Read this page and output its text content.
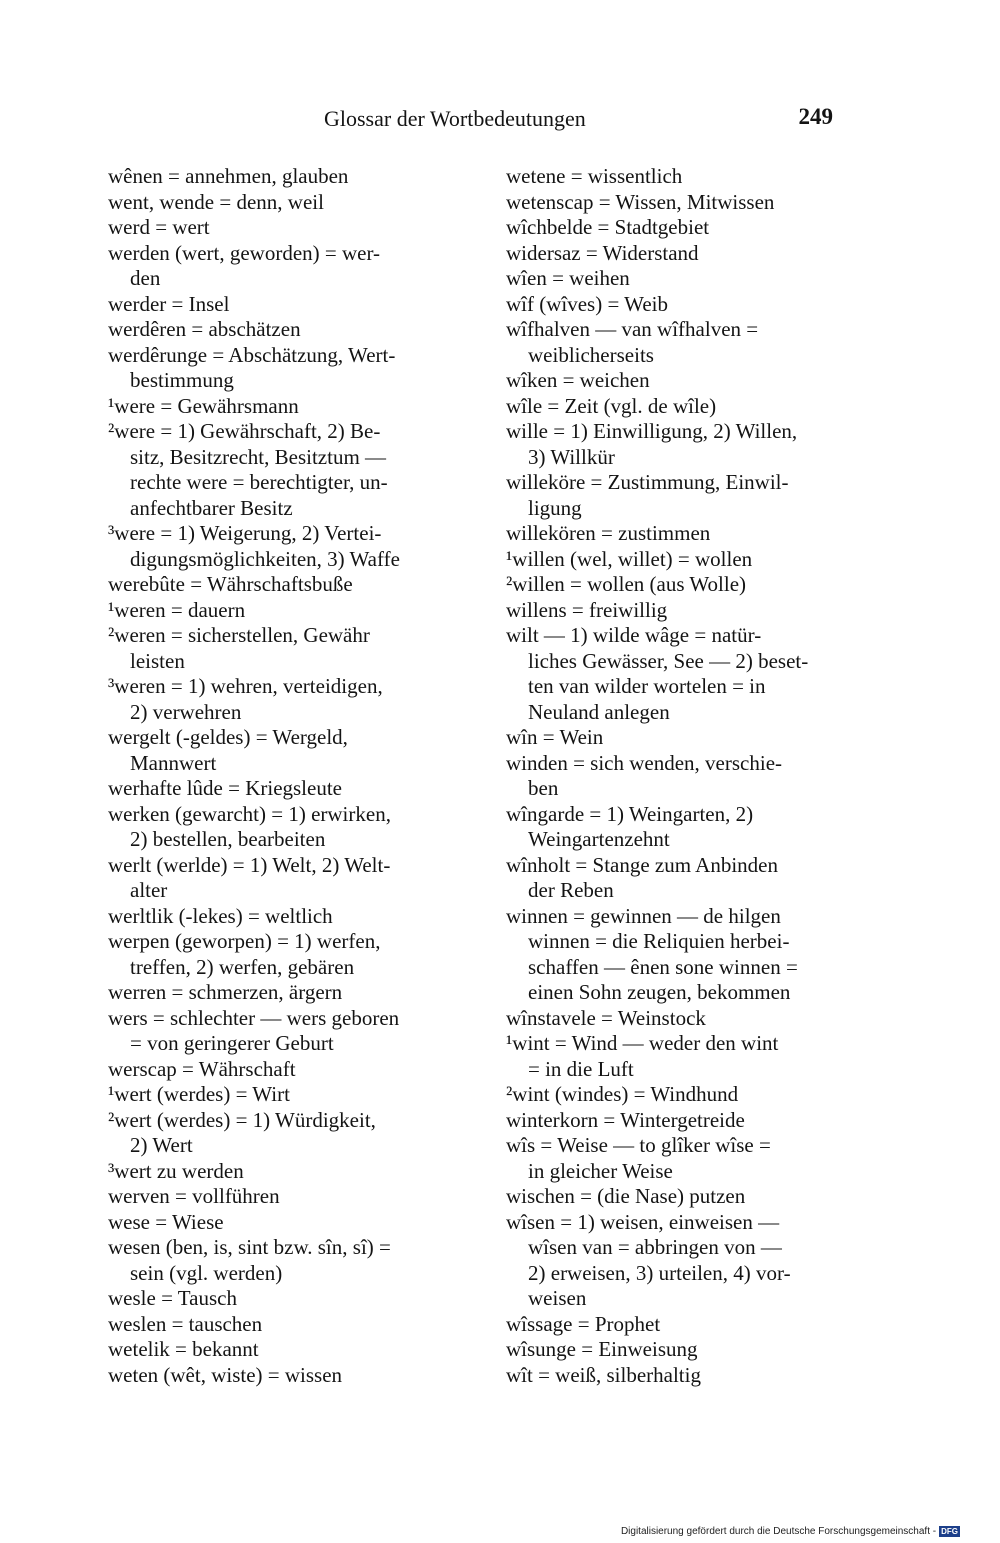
Glossar der Wortbedeutungen	249
wênen = annehmen, glauben
went, wende = denn, weil
werd = wert
werden (wert, geworden) = wer-
den
werder = Insel
werdêren = abschätzen
werdêrunge = Abschätzung, Wert-
bestimmung
¹were = Gewährsmann
²were = 1) Gewährschaft, 2) Be-
sitz, Besitzrecht, Besitztum —
rechte were = berechtigter, un-
anfechtbarer Besitz
³were = 1) Weigerung, 2) Vertei-
digungsmöglichkeiten, 3) Waffe
werebûte = Währschaftsbuße
¹weren = dauern
²weren = sicherstellen, Gewähr
leisten
³weren = 1) wehren, verteidigen,
2) verwehren
wergelt (-geldes) = Wergeld,
Mannwert
werhafte lûde = Kriegsleute
werken (gewarcht) = 1) erwirken,
2) bestellen, bearbeiten
werlt (werlde) = 1) Welt, 2) Welt-
alter
werltlik (-lekes) = weltlich
werpen (geworpen) = 1) werfen,
treffen, 2) werfen, gebären
werren = schmerzen, ärgern
wers = schlechter — wers geboren
= von geringerer Geburt
werscap = Währschaft
¹wert (werdes) = Wirt
²wert (werdes) = 1) Würdigkeit,
2) Wert
³wert zu werden
werven = vollführen
wese = Wiese
wesen (ben, is, sint bzw. sîn, sî) =
sein (vgl. werden)
wesle = Tausch
weslen = tauschen
wetelik = bekannt
weten (wêt, wiste) = wissen
wetene = wissentlich
wetenscap = Wissen, Mitwissen
wîchbelde = Stadtgebiet
widersaz = Widerstand
wîen = weihen
wîf (wîves) = Weib
wîfhalven — van wîfhalven =
weiblicherseits
wîken = weichen
wîle = Zeit (vgl. de wîle)
wille = 1) Einwilligung, 2) Willen,
3) Willkür
willeköre = Zustimmung, Einwil-
ligung
willekören = zustimmen
¹willen (wel, willet) = wollen
²willen = wollen (aus Wolle)
willens = freiwillig
wilt — 1) wilde wâge = natür-
liches Gewässer, See — 2) beset-
ten van wilder wortelen = in
Neuland anlegen
wîn = Wein
winden = sich wenden, verschie-
ben
wîngarde = 1) Weingarten, 2)
Weingartenzehnt
wînholt = Stange zum Anbinden
der Reben
winnen = gewinnen — de hilgen
winnen = die Reliquien herbei-
schaffen — ênen sone winnen =
einen Sohn zeugen, bekommen
wînstavele = Weinstock
¹wint = Wind — weder den wint
= in die Luft
²wint (windes) = Windhund
winterkorn = Wintergetreide
wîs = Weise — to glîker wîse =
in gleicher Weise
wischen = (die Nase) putzen
wîsen = 1) weisen, einweisen —
wîsen van = abbringen von —
2) erweisen, 3) urteilen, 4) vor-
weisen
wîssage = Prophet
wîsunge = Einweisung
wît = weiß, silberhaltig
Digitalisierung gefördert durch die Deutsche Forschungsgemeinschaft - DFG
